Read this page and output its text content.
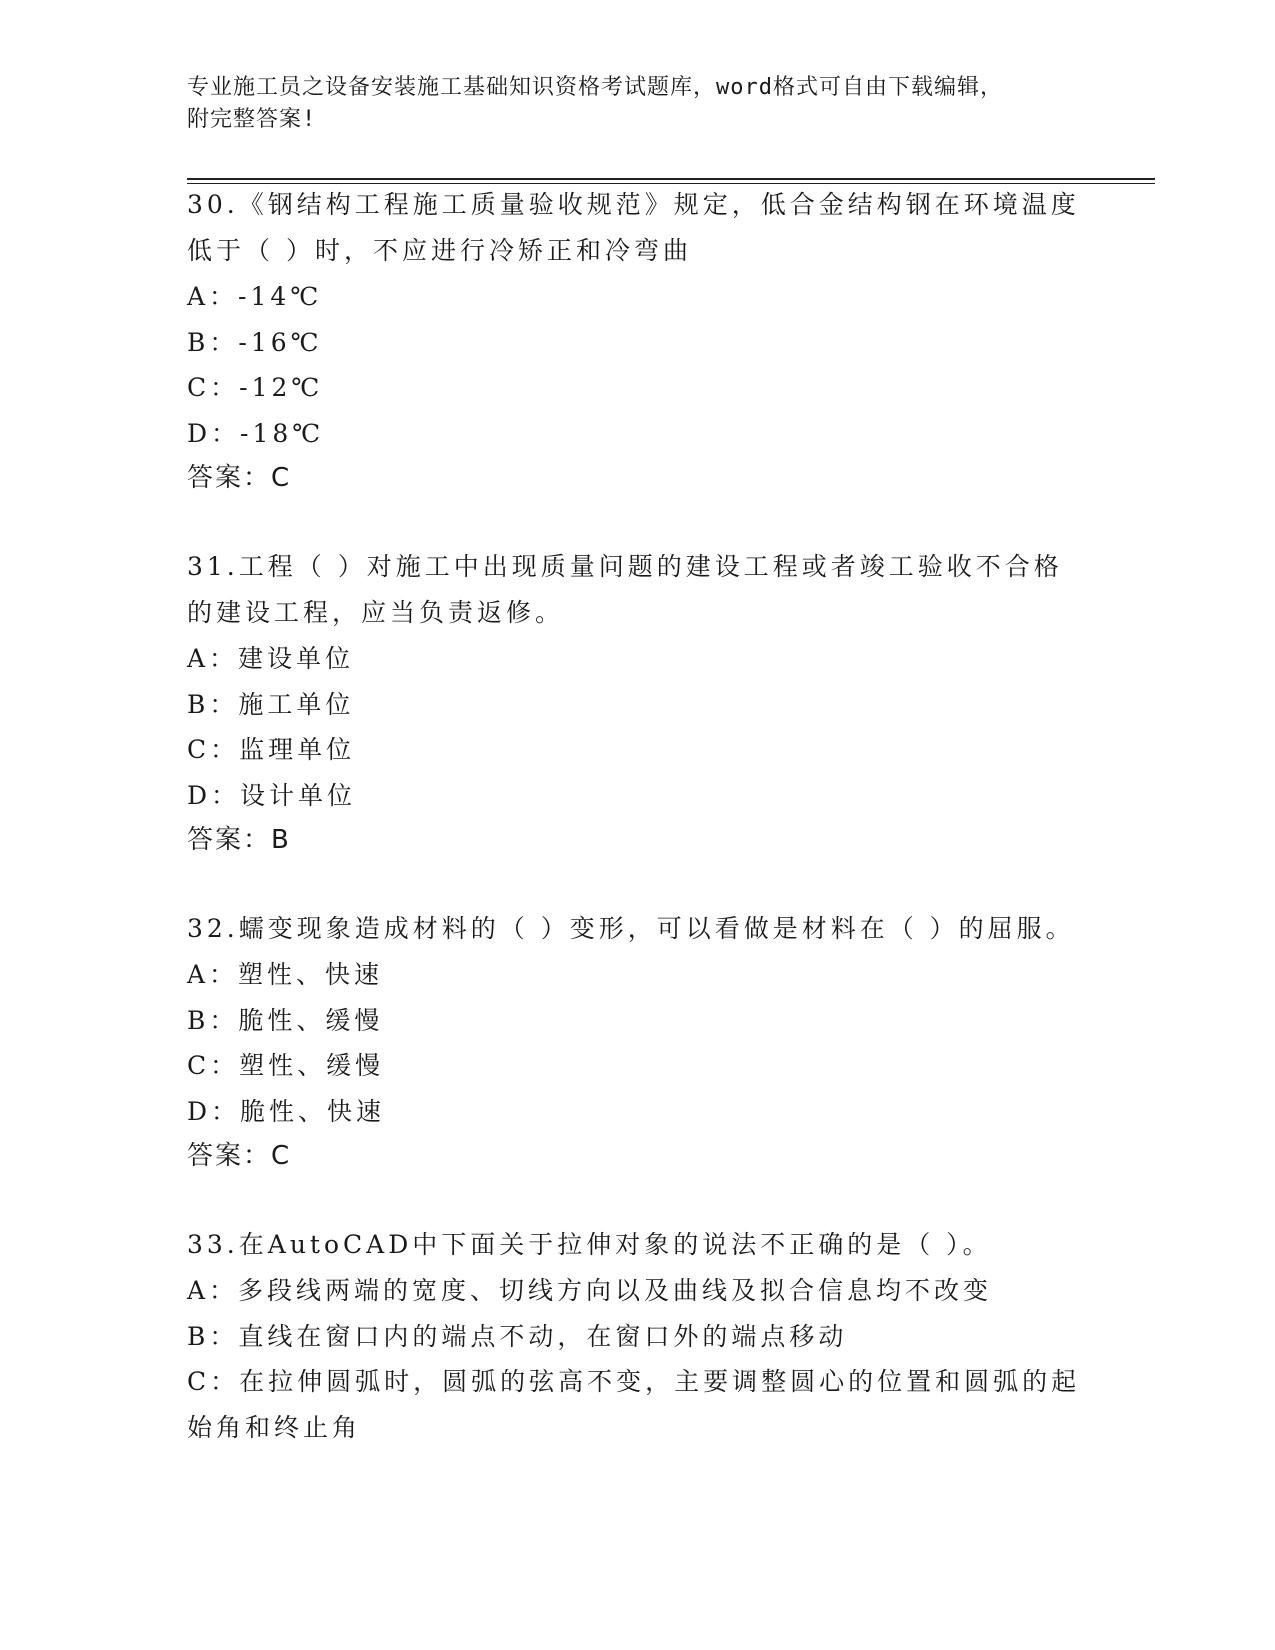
专业施工员之设备安装施工基础知识资格考试题库，word格式可自由下载编辑，
附完整答案!
30.《钢结构工程施工质量验收规范》规定，低合金结构钢在环境温度
低于（ ）时，不应进行冷矫正和冷弯曲
A：-14℃
B：-16℃
C：-12℃
D：-18℃
答案：C
31.工程（ ）对施工中出现质量问题的建设工程或者竣工验收不合格
的建设工程，应当负责返修。
A：建设单位
B：施工单位
C：监理单位
D：设计单位
答案：B
32.蠕变现象造成材料的（ ）变形，可以看做是材料在（ ）的屈服。
A：塑性、快速
B：脆性、缓慢
C：塑性、缓慢
D：脆性、快速
答案：C
33.在AutoCAD中下面关于拉伸对象的说法不正确的是（ ）。
A：多段线两端的宽度、切线方向以及曲线及拟合信息均不改变
B：直线在窗口内的端点不动，在窗口外的端点移动
C：在拉伸圆弧时，圆弧的弦高不变，主要调整圆心的位置和圆弧的起
始角和终止角
